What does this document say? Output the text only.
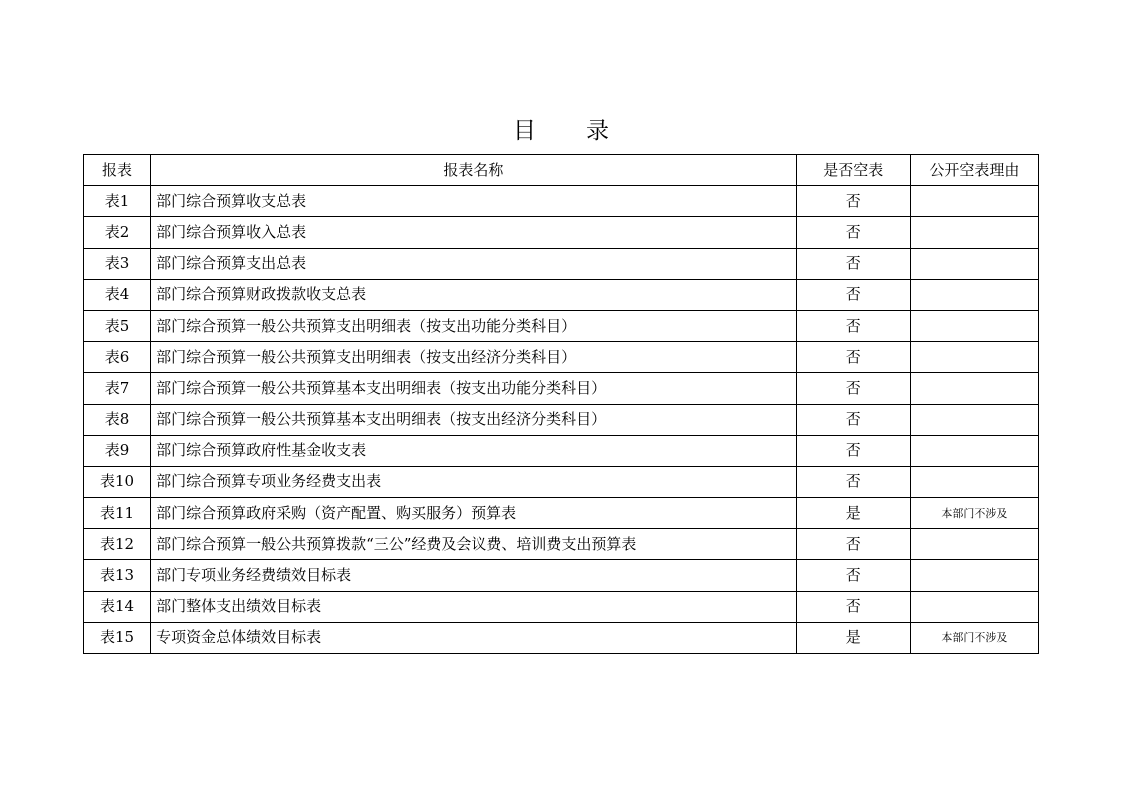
目 录
报表	报表名称	是否空表	公开空表理由
表1	部门综合预算收支总表	否	
表2	部门综合预算收入总表	否	
表3	部门综合预算支出总表	否	
表4	部门综合预算财政拨款收支总表	否	
表5	部门综合预算一般公共预算支出明细表（按支出功能分类科目）	否	
表6	部门综合预算一般公共预算支出明细表（按支出经济分类科目）	否	
表7	部门综合预算一般公共预算基本支出明细表（按支出功能分类科目）	否	
表8	部门综合预算一般公共预算基本支出明细表（按支出经济分类科目）	否	
表9	部门综合预算政府性基金收支表	否	
表10	部门综合预算专项业务经费支出表	否	
表11	部门综合预算政府采购（资产配置、购买服务）预算表	是	本部门不涉及
表12	部门综合预算一般公共预算拨款“三公”经费及会议费、培训费支出预算表	否	
表13	部门专项业务经费绩效目标表	否	
表14	部门整体支出绩效目标表	否	
表15	专项资金总体绩效目标表	是	本部门不涉及
